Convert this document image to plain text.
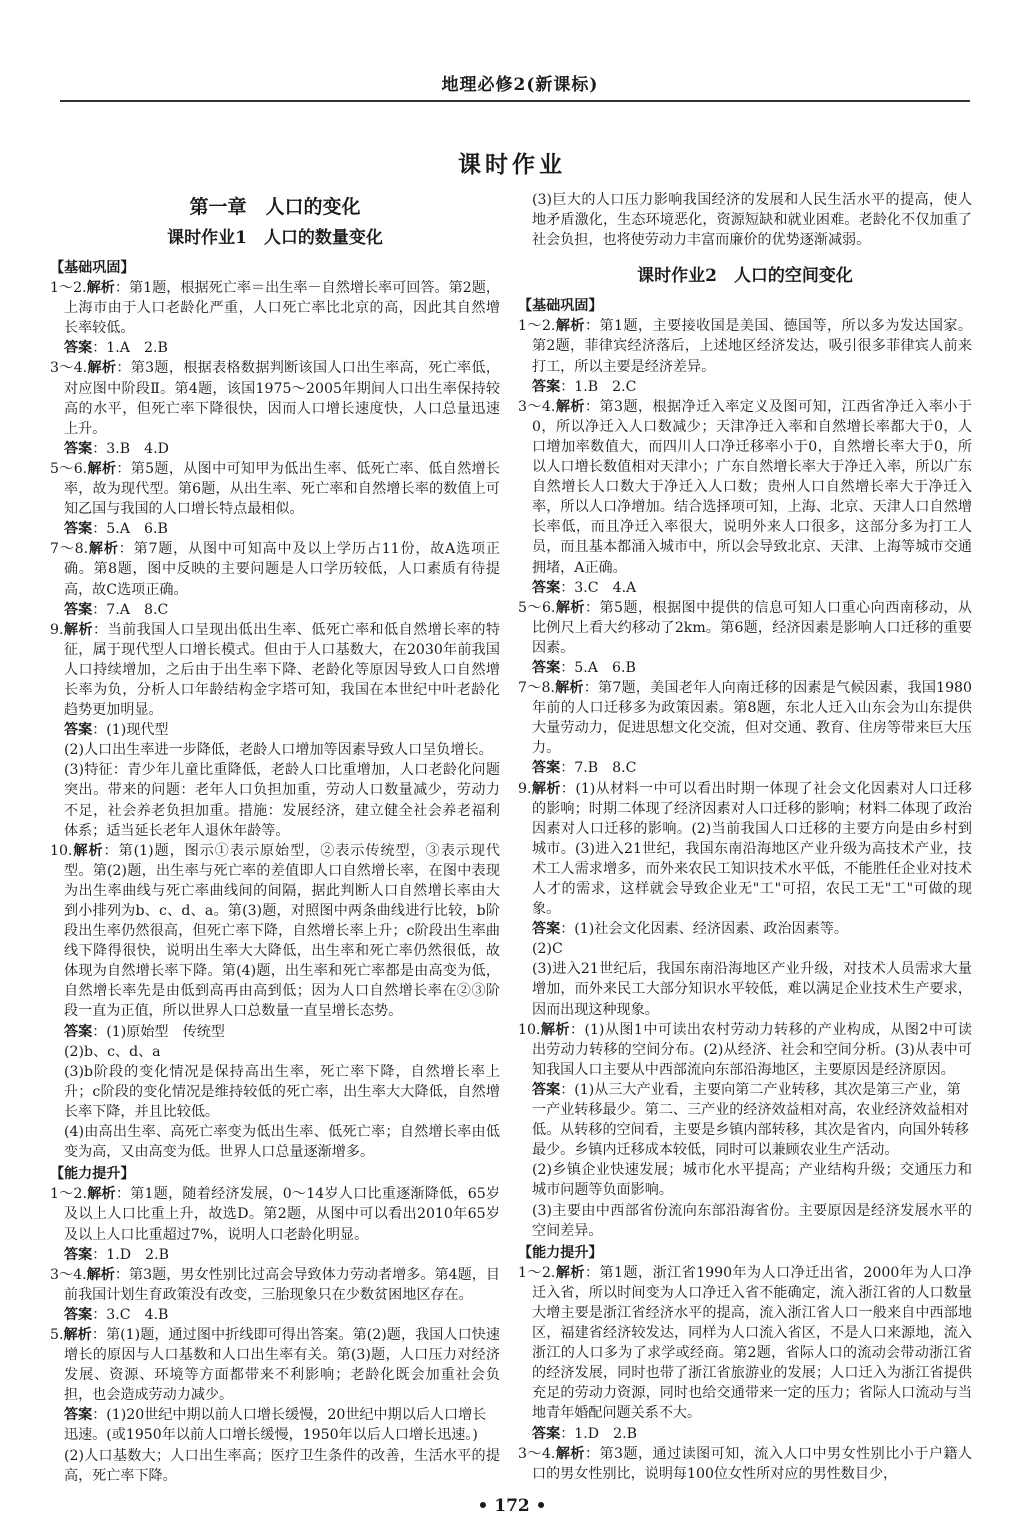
地理必修2(新课标)
课时作业
第一章　人口的变化
课时作业1　人口的数量变化
【基础巩固】

1～2.解析：第1题，根据死亡率＝出生率－自然增长率可回答。第2题，上海市由于人口老龄化严重，人口死亡率比北京的高，因此其自然增长率较低。

答案：1.A　2.B

3～4.解析：第3题，根据表格数据判断该国人口出生率高，死亡率低，对应图中阶段Ⅱ。第4题，该国1975～2005年期间人口出生率保持较高的水平，但死亡率下降很快，因而人口增长速度快，人口总量迅速上升。

答案：3.B　4.D

5～6.解析：第5题，从图中可知甲为低出生率、低死亡率、低自然增长率，故为现代型。第6题，从出生率、死亡率和自然增长率的数值上可知乙国与我国的人口增长特点最相似。

答案：5.A　6.B

7～8.解析：第7题，从图中可知高中及以上学历占11份，故A选项正确。第8题，图中反映的主要问题是人口学历较低，人口素质有待提高，故C选项正确。

答案：7.A　8.C

9.解析：当前我国人口呈现出低出生率、低死亡率和低自然增长率的特征，属于现代型人口增长模式。但由于人口基数大，在2030年前我国人口持续增加，之后由于出生率下降、老龄化等原因导致人口自然增长率为负，分析人口年龄结构金字塔可知，我国在本世纪中叶老龄化趋势更加明显。

答案：(1)现代型

(2)人口出生率进一步降低，老龄人口增加等因素导致人口呈负增长。

(3)特征：青少年儿童比重降低，老龄人口比重增加，人口老龄化问题突出。带来的问题：老年人口负担加重，劳动人口数量减少，劳动力不足，社会养老负担加重。措施：发展经济，建立健全社会养老福利体系；适当延长老年人退休年龄等。

10.解析：第(1)题，图示①表示原始型，②表示传统型，③表示现代型。第(2)题，出生率与死亡率的差值即人口自然增长率，在图中表现为出生率曲线与死亡率曲线间的间隔，据此判断人口自然增长率由大到小排列为b、c、d、a。第(3)题，对照图中两条曲线进行比较，b阶段出生率仍然很高，但死亡率下降，自然增长率上升；c阶段出生率曲线下降得很快，说明出生率大大降低，出生率和死亡率仍然很低，故体现为自然增长率下降。第(4)题，出生率和死亡率都是由高变为低，自然增长率先是由低到高再由高到低；因为人口自然增长率在②③阶段一直为正值，所以世界人口总数量一直呈增长态势。

答案：(1)原始型　传统型

(2)b、c、d、a

(3)b阶段的变化情况是保持高出生率，死亡率下降，自然增长率上升；c阶段的变化情况是维持较低的死亡率，出生率大大降低，自然增长率下降，并且比较低。

(4)由高出生率、高死亡率变为低出生率、低死亡率；自然增长率由低变为高，又由高变为低。世界人口总量逐渐增多。

【能力提升】

1～2.解析：第1题，随着经济发展，0～14岁人口比重逐渐降低，65岁及以上人口比重上升，故选D。第2题，从图中可以看出2010年65岁及以上人口比重超过7%，说明人口老龄化明显。

答案：1.D　2.B

3～4.解析：第3题，男女性别比过高会导致体力劳动者增多。第4题，目前我国计划生育政策没有改变，三胎现象只在少数贫困地区存在。

答案：3.C　4.B

5.解析：第(1)题，通过图中折线即可得出答案。第(2)题，我国人口快速增长的原因与人口基数和人口出生率有关。第(3)题，人口压力对经济发展、资源、环境等方面都带来不利影响；老龄化既会加重社会负担，也会造成劳动力减少。

答案：(1)20世纪中期以前人口增长缓慢，20世纪中期以后人口增长迅速。(或1950年以前人口增长缓慢，1950年以后人口增长迅速。)

(2)人口基数大；人口出生率高；医疗卫生条件的改善，生活水平的提高，死亡率下降。

(3)巨大的人口压力影响我国经济的发展和人民生活水平的提高，使人地矛盾激化，生态环境恶化，资源短缺和就业困难。老龄化不仅加重了社会负担，也将使劳动力丰富而廉价的优势逐渐减弱。

课时作业2　人口的空间变化
【基础巩固】

1～2.解析：第1题，主要接收国是美国、德国等，所以多为发达国家。第2题，菲律宾经济落后，上述地区经济发达，吸引很多菲律宾人前来打工，所以主要是经济差异。

答案：1.B　2.C

3～4.解析：第3题，根据净迁入率定义及图可知，江西省净迁入率小于0，所以净迁入人口数减少；天津净迁入率和自然增长率都大于0，人口增加率数值大，而四川人口净迁移率小于0，自然增长率大于0，所以人口增长数值相对天津小；广东自然增长率大于净迁入率，所以广东自然增长人口数大于净迁入人口数；贵州人口自然增长率大于净迁入率，所以人口净增加。结合选择项可知，上海、北京、天津人口自然增长率低，而且净迁入率很大，说明外来人口很多，这部分多为打工人员，而且基本都涌入城市中，所以会导致北京、天津、上海等城市交通拥堵，A正确。

答案：3.C　4.A

5～6.解析：第5题，根据图中提供的信息可知人口重心向西南移动，从比例尺上看大约移动了2km。第6题，经济因素是影响人口迁移的重要因素。

答案：5.A　6.B

7～8.解析：第7题，美国老年人向南迁移的因素是气候因素，我国1980年前的人口迁移多为政策因素。第8题，东北人迁入山东会为山东提供大量劳动力，促进思想文化交流，但对交通、教育、住房等带来巨大压力。

答案：7.B　8.C

9.解析：(1)从材料一中可以看出时期一体现了社会文化因素对人口迁移的影响；时期二体现了经济因素对人口迁移的影响；材料二体现了政治因素对人口迁移的影响。(2)当前我国人口迁移的主要方向是由乡村到城市。(3)进入21世纪，我国东南沿海地区产业升级为高技术产业，技术工人需求增多，而外来农民工知识技术水平低，不能胜任企业对技术人才的需求，这样就会导致企业无"工"可招，农民工无"工"可做的现象。

答案：(1)社会文化因素、经济因素、政治因素等。

(2)C

(3)进入21世纪后，我国东南沿海地区产业升级，对技术人员需求大量增加，而外来民工大部分知识水平较低，难以满足企业技术生产要求，因而出现这种现象。

10.解析：(1)从图1中可读出农村劳动力转移的产业构成，从图2中可读出劳动力转移的空间分布。(2)从经济、社会和空间分析。(3)从表中可知我国人口主要从中西部流向东部沿海地区，主要原因是经济原因。

答案：(1)从三大产业看，主要向第二产业转移，其次是第三产业，第一产业转移最少。第二、三产业的经济效益相对高，农业经济效益相对低。从转移的空间看，主要是乡镇内部转移，其次是省内，向国外转移最少。乡镇内迁移成本较低，同时可以兼顾农业生产活动。

(2)乡镇企业快速发展；城市化水平提高；产业结构升级；交通压力和城市问题等负面影响。

(3)主要由中西部省份流向东部沿海省份。主要原因是经济发展水平的空间差异。

【能力提升】

1～2.解析：第1题，浙江省1990年为人口净迁出省，2000年为人口净迁入省，所以时间变为人口净迁入省不能确定，流入浙江省的人口数量大增主要是浙江省经济水平的提高，流入浙江省人口一般来自中西部地区，福建省经济较发达，同样为人口流入省区，不是人口来源地，流入浙江的人口多为了求学或经商。第2题，省际人口的流动会带动浙江省的经济发展，同时也带了浙江省旅游业的发展；人口迁入为浙江省提供充足的劳动力资源，同时也给交通带来一定的压力；省际人口流动与当地青年婚配问题关系不大。

答案：1.D　2.B

3～4.解析：第3题，通过读图可知，流入人口中男女性别比小于户籍人口的男女性别比，说明每100位女性所对应的男性数目少，

• 172 •
